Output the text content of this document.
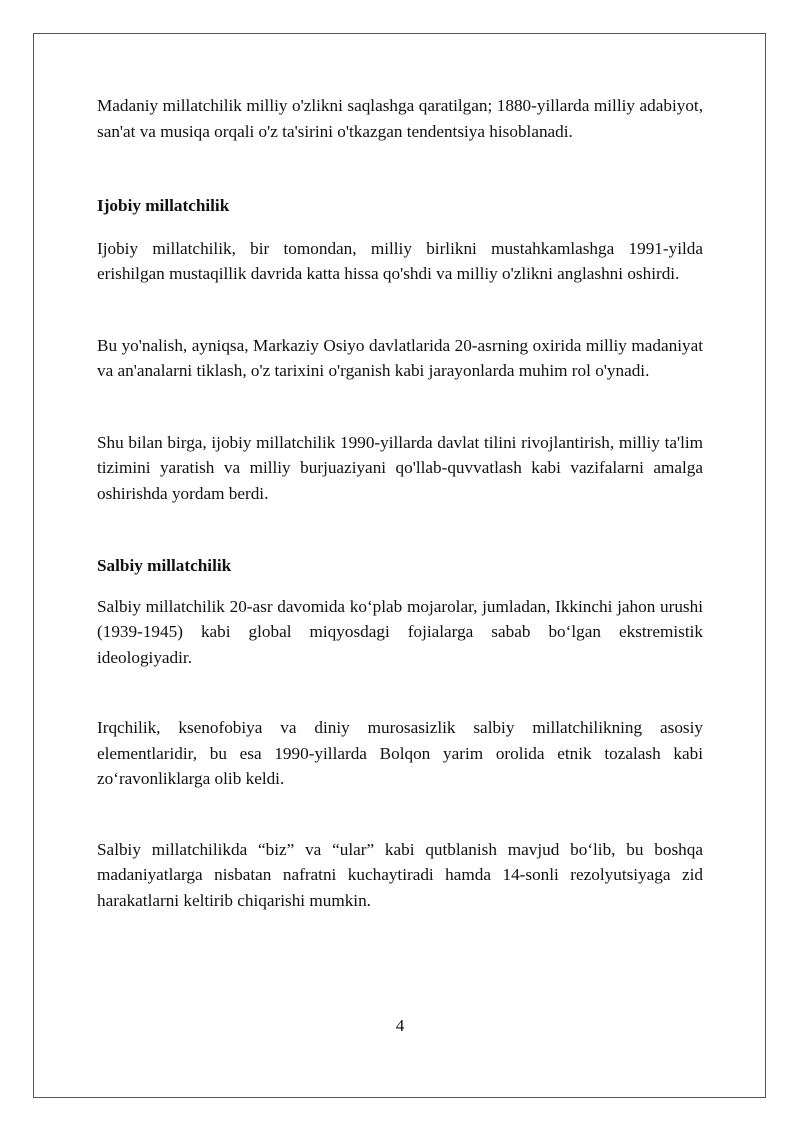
Madaniy millatchilik milliy o'zlikni saqlashga qaratilgan; 1880-yillarda milliy adabiyot, san'at va musiqa orqali o'z ta'sirini o'tkazgan tendentsiya hisoblanadi.

Ijobiy millatchilik

Ijobiy millatchilik, bir tomondan, milliy birlikni mustahkamlashga 1991-yilda erishilgan mustaqillik davrida katta hissa qo'shdi va milliy o'zlikni anglashni oshirdi.

Bu yo'nalish, ayniqsa, Markaziy Osiyo davlatlarida 20-asrning oxirida milliy madaniyat va an'analarni tiklash, o'z tarixini o'rganish kabi jarayonlarda muhim rol o'ynadi.

Shu bilan birga, ijobiy millatchilik 1990-yillarda davlat tilini rivojlantirish, milliy ta'lim tizimini yaratish va milliy burjuaziyani qo'llab-quvvatlash kabi vazifalarni amalga oshirishda yordam berdi.

Salbiy millatchilik

Salbiy millatchilik 20-asr davomida ko‘plab mojarolar, jumladan, Ikkinchi jahon urushi (1939-1945) kabi global miqyosdagi fojialarga sabab bo‘lgan ekstremistik ideologiyadir.

Irqchilik, ksenofobiya va diniy murosasizlik salbiy millatchilikning asosiy elementlaridir, bu esa 1990-yillarda Bolqon yarim orolida etnik tozalash kabi zo‘ravonliklarga olib keldi.

Salbiy millatchilikda “biz” va “ular” kabi qutblanish mavjud bo‘lib, bu boshqa madaniyatlarga nisbatan nafratni kuchaytiradi hamda 14-sonli rezolyutsiyaga zid harakatlarni keltirib chiqarishi mumkin.

4
